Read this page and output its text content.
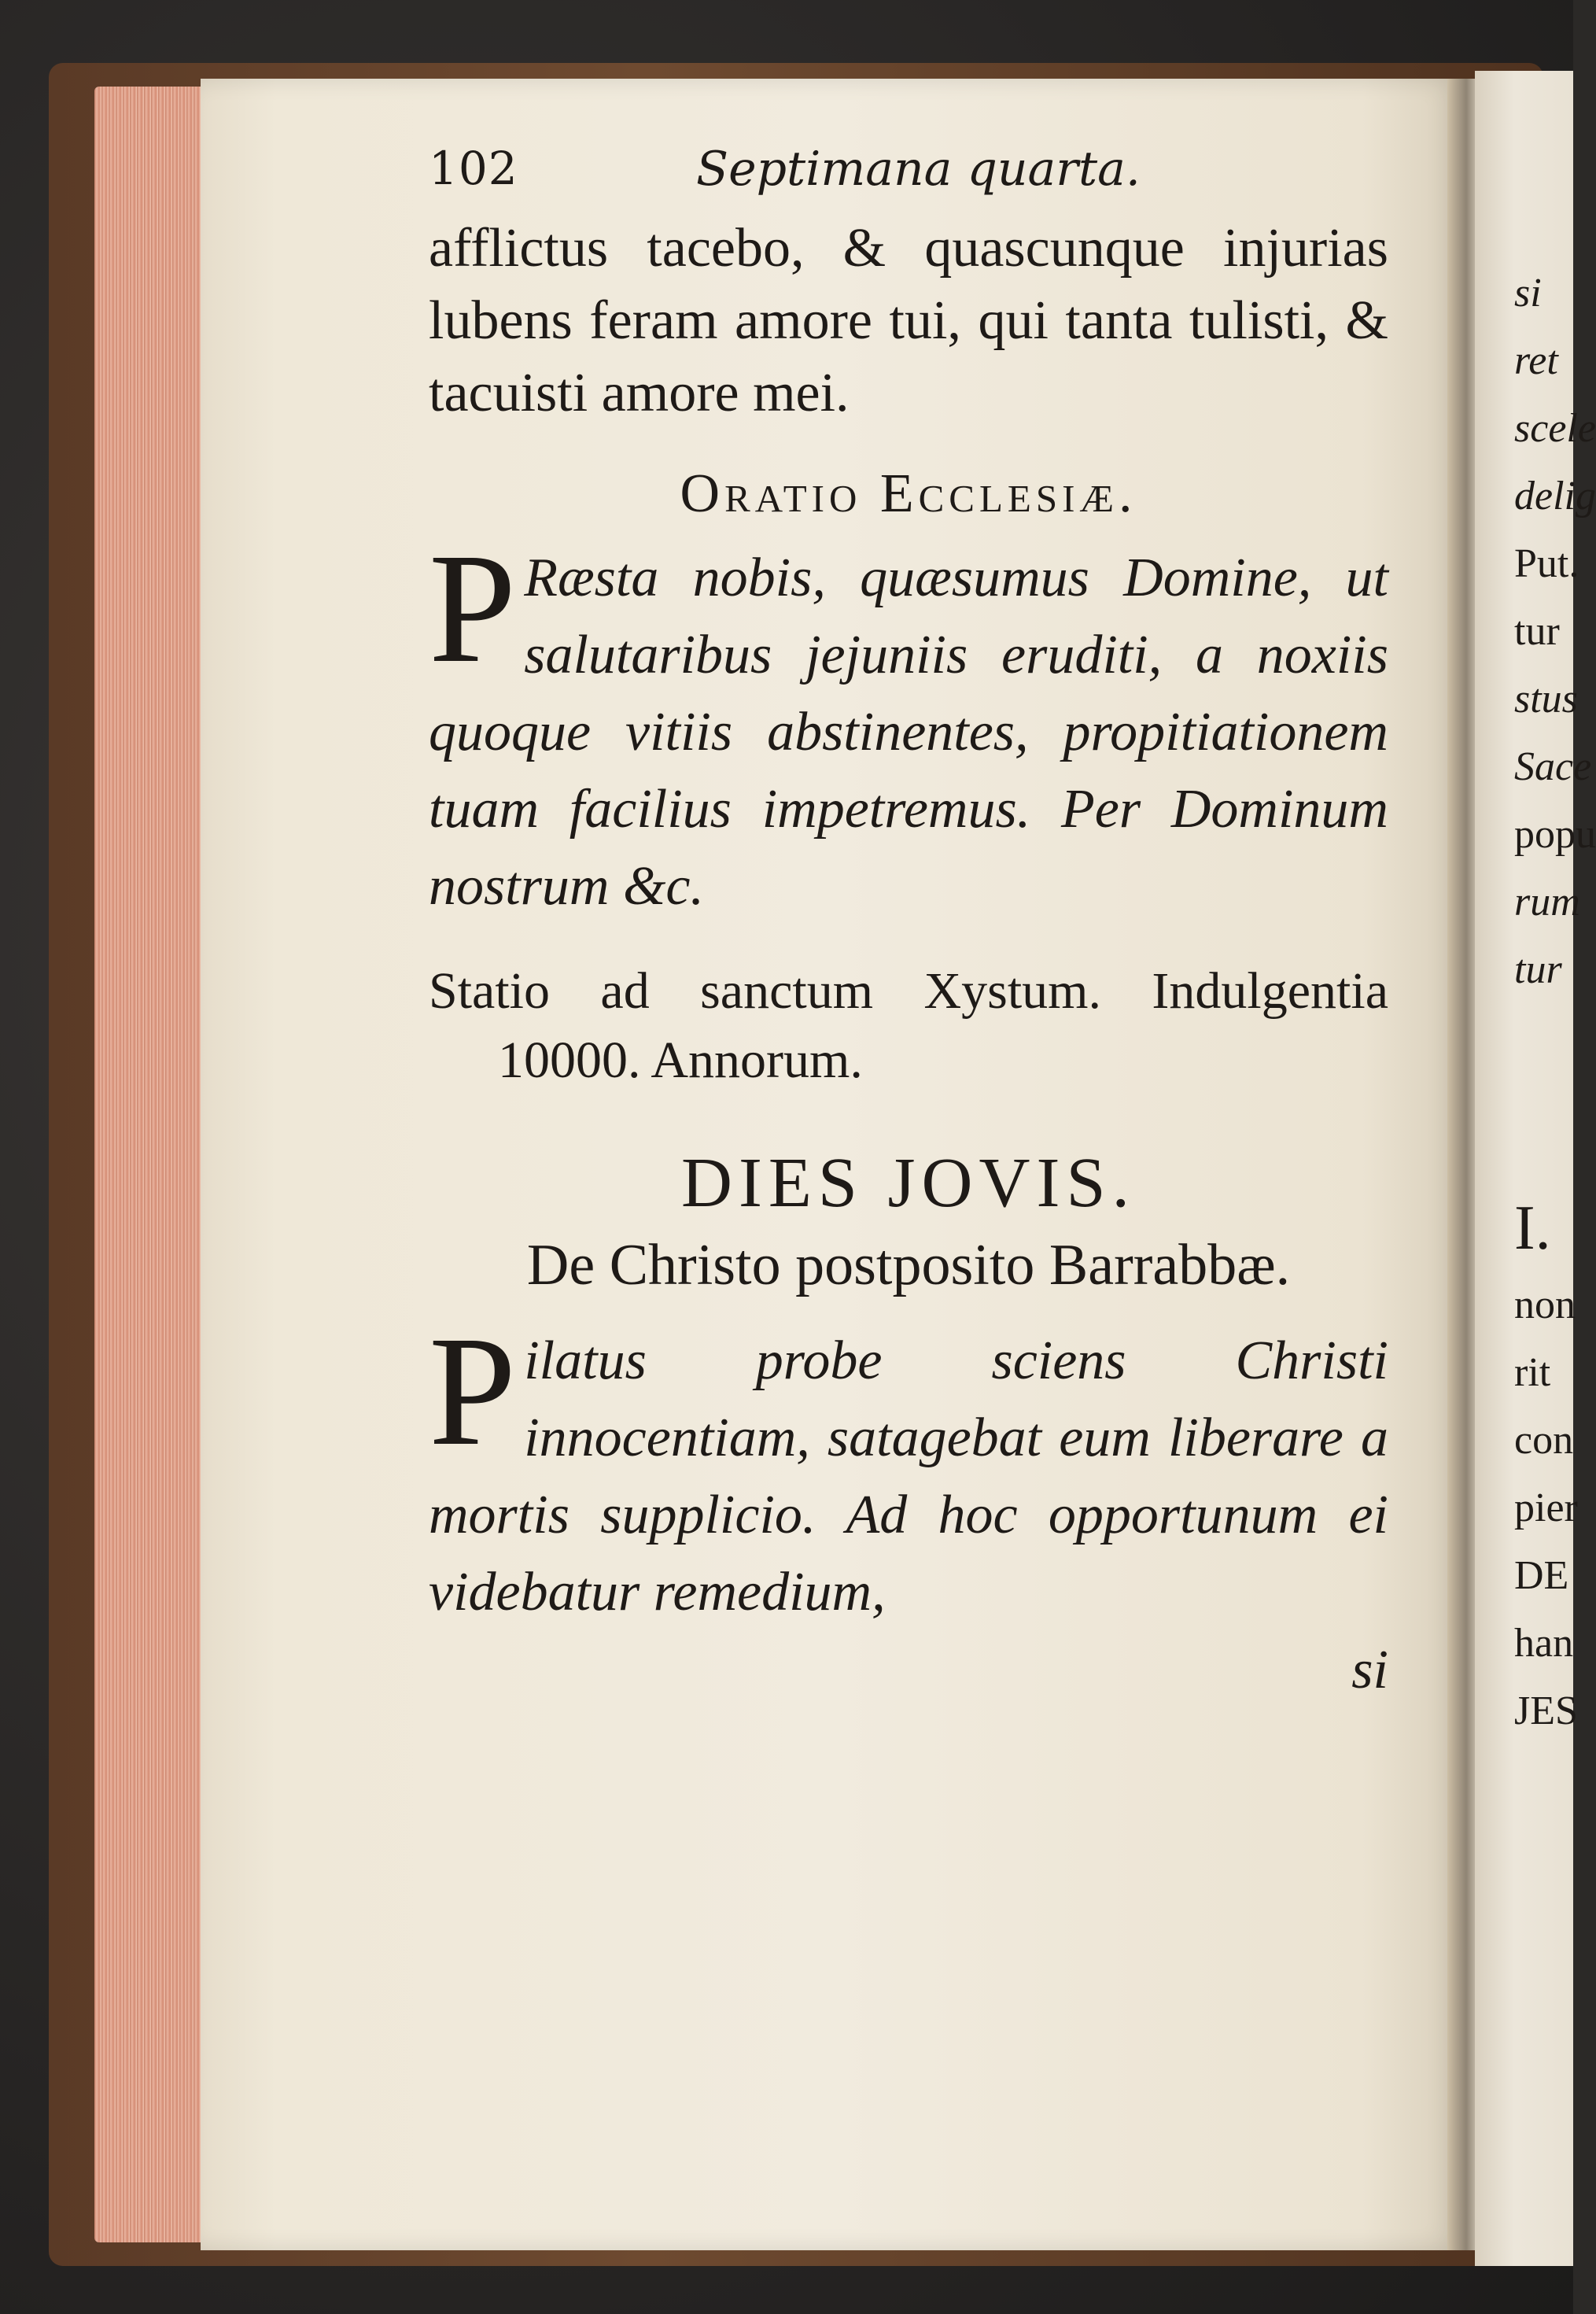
102	Septimana quarta.

afflictus tacebo, & quascunque injurias lubens feram amore tui, qui tanta tulisti, & tacuisti amore mei.

Oratio Ecclesiæ.

P Ræsta nobis, quæsumus Domine, ut salutaribus jejuniis eruditi, a noxiis quoque vitiis abstinentes, propitiationem tuam facilius impetremus. Per Dominum nostrum &c.

Statio ad sanctum Xystum. Indulgentia 10000. Annorum.

DIES JOVIS.
De Christo postposito Barrabbæ.

Pilatus probe sciens Christi innocentiam, satagebat eum liberare a mortis supplicio. Ad hoc opportunum ei videbatur remedium,

si
si
ret
scele
delig
Put.
tur
stus
Sace
popu
rum
tur
I.
non
rit
con
pier
DE
han
JES
